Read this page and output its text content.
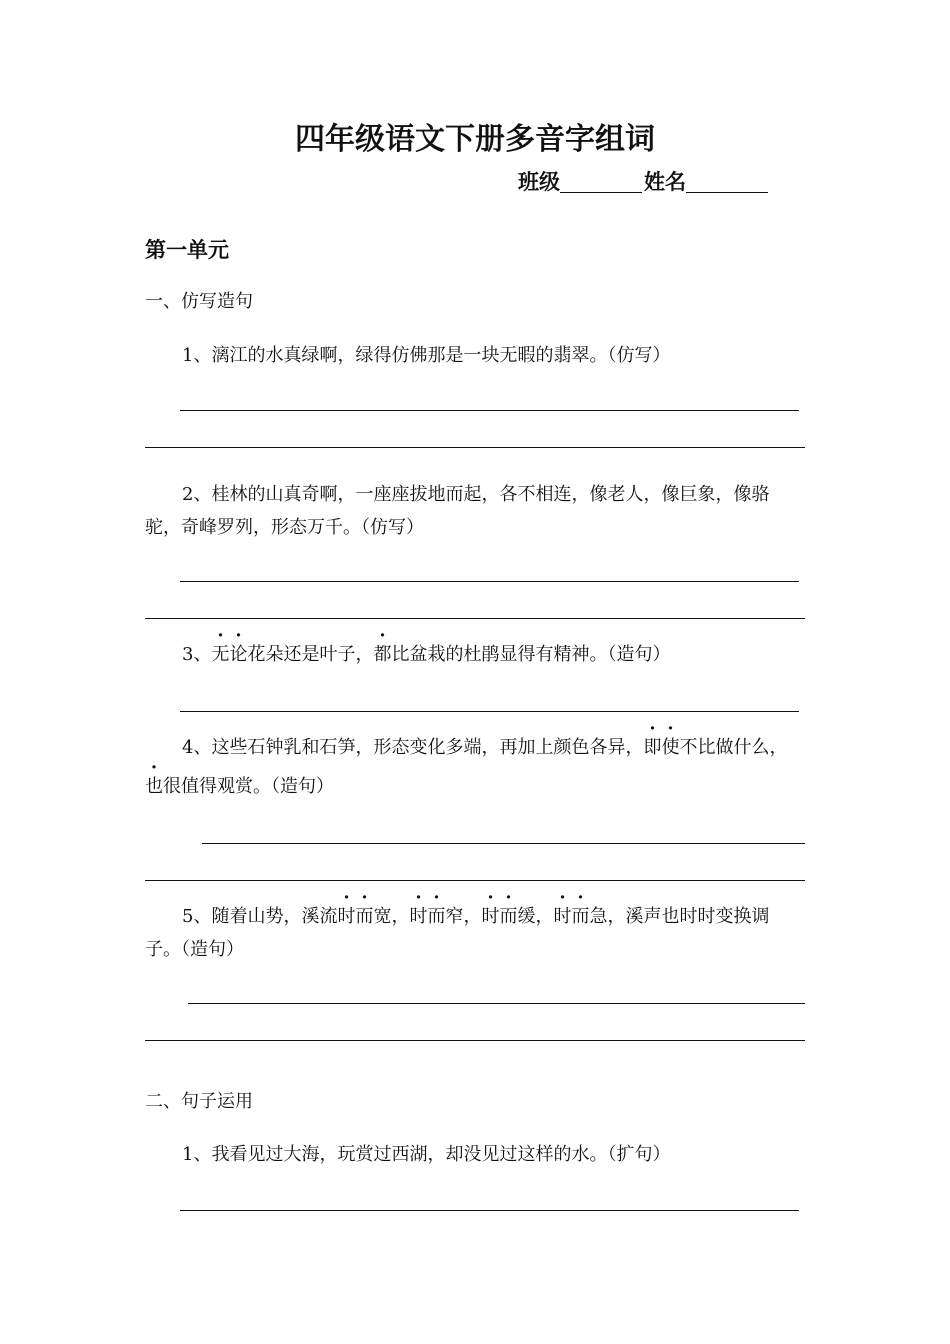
四年级语文下册多音字组词
班级	姓名
第一单元
一、仿写造句
1、漓江的水真绿啊，绿得仿佛那是一块无暇的翡翠。（仿写）
2、桂林的山真奇啊，一座座拔地而起，各不相连，像老人，像巨象，像骆
驼，奇峰罗列，形态万千。（仿写）
3、无论花朵还是叶子，都比盆栽的杜鹃显得有精神。（造句）
4、这些石钟乳和石笋，形态变化多端，再加上颜色各异，即使不比做什么，
也很值得观赏。（造句）
5、随着山势，溪流时而宽，时而窄，时而缓，时而急，溪声也时时变换调
子。（造句）
二、句子运用
1、我看见过大海，玩赏过西湖，却没见过这样的水。（扩句）
